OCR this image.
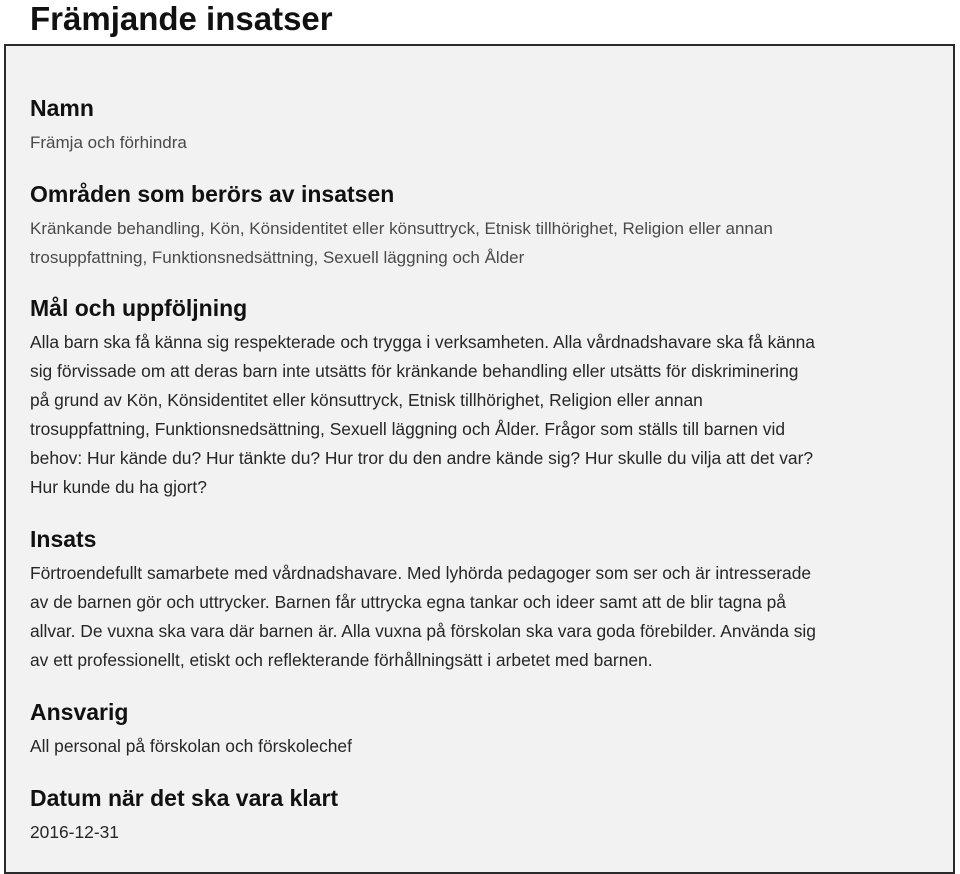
Främjande insatser
Namn

Främja och förhindra

Områden som berörs av insatsen

Kränkande behandling, Kön, Könsidentitet eller könsuttryck, Etnisk tillhörighet, Religion eller annan

trosuppfattning, Funktionsnedsättning, Sexuell läggning och Ålder

Mål och uppföljning

Alla barn ska få känna sig respekterade och trygga i verksamheten. Alla vårdnadshavare ska få känna

sig förvissade om att deras barn inte utsätts för kränkande behandling eller utsätts för diskriminering

på grund av Kön, Könsidentitet eller könsuttryck, Etnisk tillhörighet, Religion eller annan

trosuppfattning, Funktionsnedsättning, Sexuell läggning och Ålder. Frågor som ställs till barnen vid

behov: Hur kände du? Hur tänkte du? Hur tror du den andre kände sig? Hur skulle du vilja att det var?

Hur kunde du ha gjort?

Insats

Förtroendefullt samarbete med vårdnadshavare. Med lyhörda pedagoger som ser och är intresserade

av de barnen gör och uttrycker. Barnen får uttrycka egna tankar och ideer samt att de blir tagna på

allvar. De vuxna ska vara där barnen är. Alla vuxna på förskolan ska vara goda förebilder. Använda sig

av ett professionellt, etiskt och reflekterande förhållningsätt i arbetet med barnen.

Ansvarig

All personal på förskolan och förskolechef

Datum när det ska vara klart

2016-12-31
